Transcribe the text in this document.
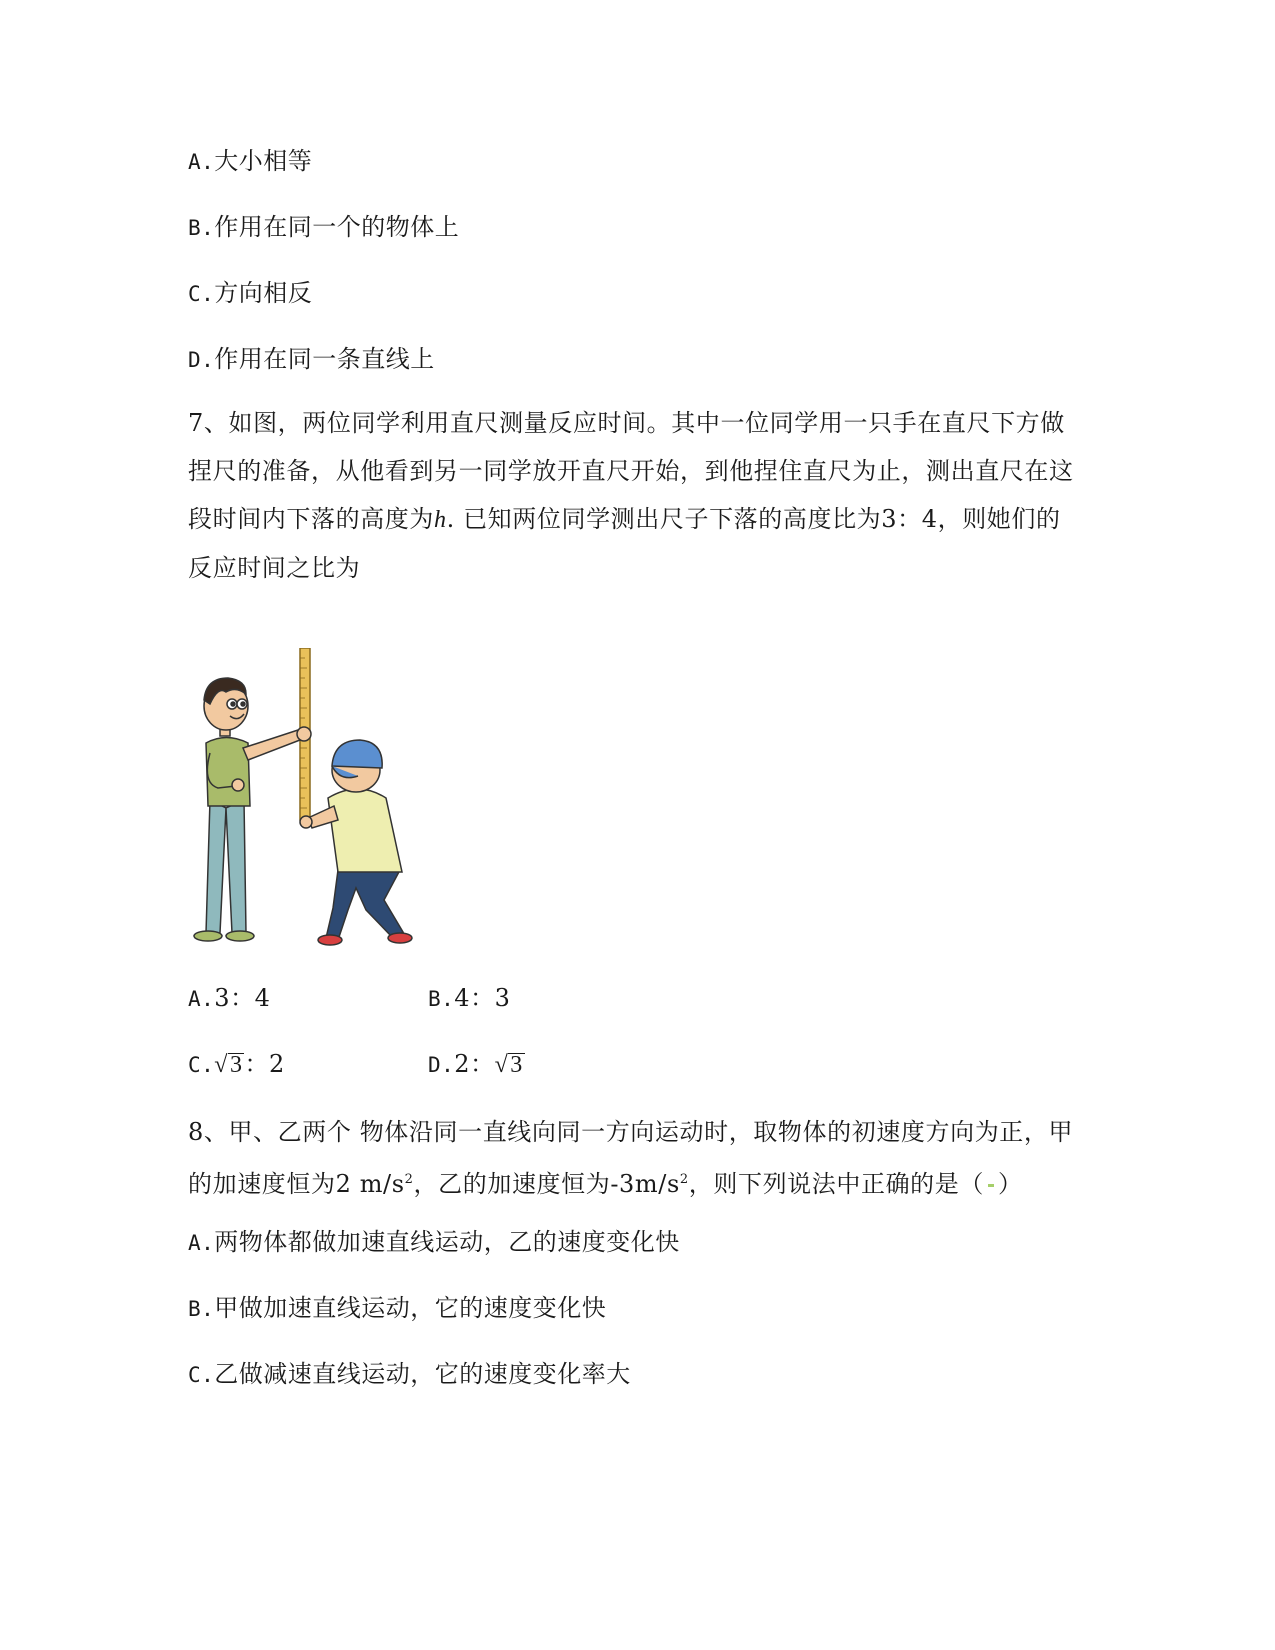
A.大小相等
B.作用在同一个的物体上
C.方向相反
D.作用在同一条直线上
7、如图，两位同学利用直尺测量反应时间。其中一位同学用一只手在直尺下方做
捏尺的准备，从他看到另一同学放开直尺开始，到他捏住直尺为止，测出直尺在这
段时间内下落的高度为h. 已知两位同学测出尺子下落的高度比为3：4，则她们的
反应时间之比为
A.3：4	B.4：3
C.√3：2	D.2：√3
8、甲、乙两个 物体沿同一直线向同一方向运动时，取物体的初速度方向为正，甲
的加速度恒为2 $m/s^2$，乙的加速度恒为$-3m/s^2$，则下列说法中正确的是（ ）
A.两物体都做加速直线运动，乙的速度变化快
B.甲做加速直线运动，它的速度变化快
C.乙做减速直线运动，它的速度变化率大
